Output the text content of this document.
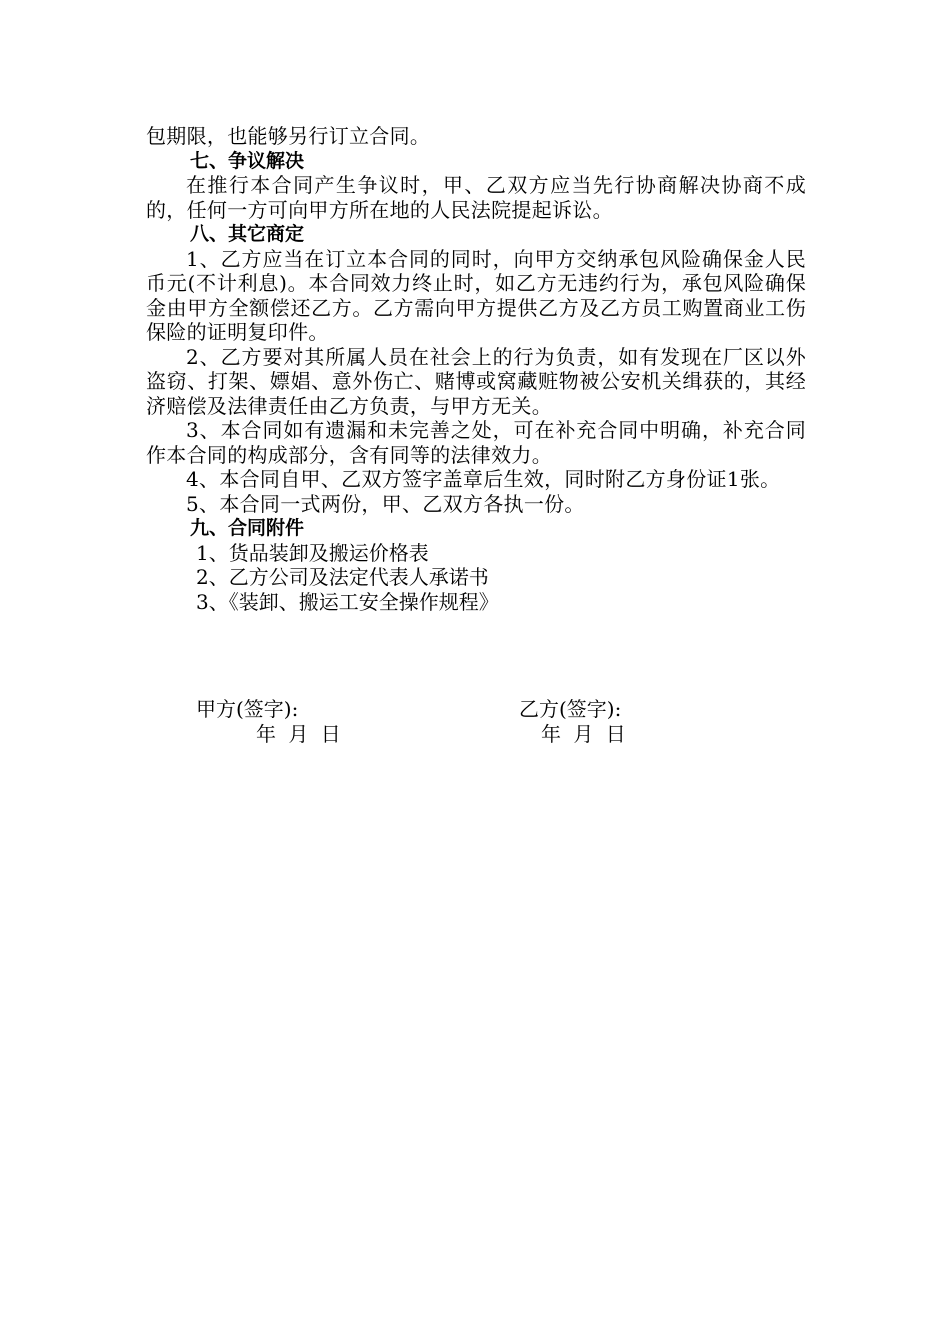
包期限，也能够另行订立合同。

七、争议解决

在推行本合同产生争议时，甲、乙双方应当先行协商解决协商不成的，任何一方可向甲方所在地的人民法院提起诉讼。

八、其它商定

1、乙方应当在订立本合同的同时，向甲方交纳承包风险确保金人民币元(不计利息)。本合同效力终止时，如乙方无违约行为，承包风险确保金由甲方全额偿还乙方。乙方需向甲方提供乙方及乙方员工购置商业工伤保险的证明复印件。

2、乙方要对其所属人员在社会上的行为负责，如有发现在厂区以外盗窃、打架、嫖娼、意外伤亡、赌博或窝藏赃物被公安机关缉获的，其经济赔偿及法律责任由乙方负责，与甲方无关。

3、本合同如有遗漏和未完善之处，可在补充合同中明确，补充合同作本合同的构成部分，含有同等的法律效力。

4、本合同自甲、乙双方签字盖章后生效，同时附乙方身份证1张。

5、本合同一式两份，甲、乙双方各执一份。

九、合同附件

1、货品装卸及搬运价格表

2、乙方公司及法定代表人承诺书

3、《装卸、搬运工安全操作规程》

甲方(签字):
年 月 日
乙方(签字):
年 月 日
